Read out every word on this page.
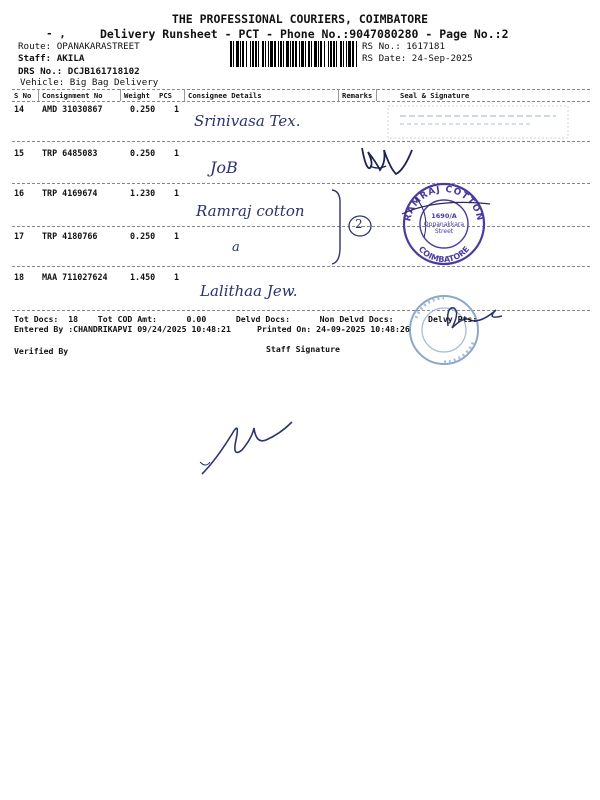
THE PROFESSIONAL COURIERS, COIMBATORE
- ,	Delivery Runsheet - PCT - Phone No.:9047080280 - Page No.:2
Route: OPANAKARASTREET
Staff: AKILA
DRS No.: DCJB161718102
Vehicle: Big Bag Delivery
RS No.: 1617181
RS Date: 24-Sep-2025
S No Consignment No	Weight PCS Consignee Details	Remarks	Seal & Signature
14 AMD 31030867	0.250 1
Srinivasa Tex.
15 TRP 6485083	0.250 1
JoB
16 TRP 4169674	1.230 1
Ramraj cotton
17 TRP 4180766	0.250 1
a
18 MAA 711027624	1.450 1
Lalithaa Jew.
2	RAMRAJ COTTON
COIMBATORE
1690/A
Oppanakkara
Street
Tot Docs:  18    Tot COD Amt:      0.00      Delvd Docs:      Non Delvd Docs:       Delvy Pts:
Entered By :CHANDRIKAPVI 09/24/2025 10:48:21	Printed On: 24-09-2025 10:48:26
Verified By	Staff Signature
